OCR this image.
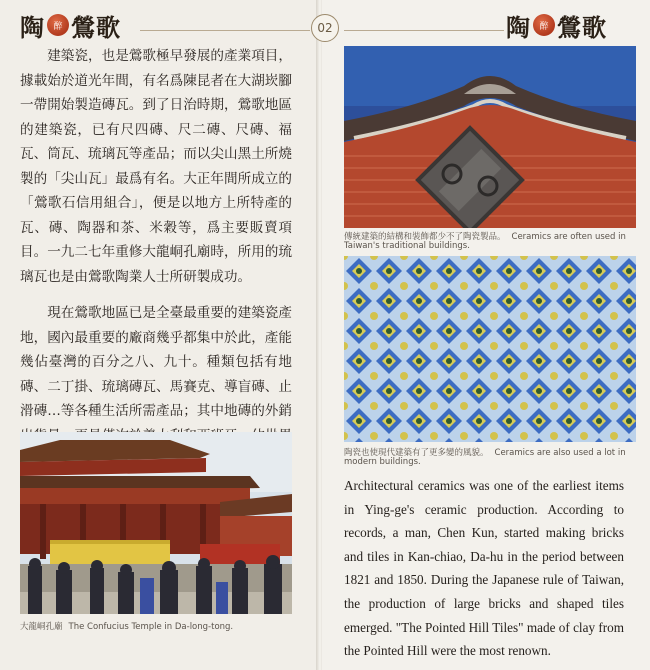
陶 醉 鶯歌

建築瓷，也是鶯歌極早發展的產業項目，據載始於道光年間，有名爲陳昆者在大湖崁腳一帶開始製造磚瓦。到了日治時期，鶯歌地區的建築瓷，已有尺四磚、尺二磚、尺磚、福瓦、筒瓦、琉璃瓦等產品；而以尖山黑土所燒製的「尖山瓦」最爲有名。大正年間所成立的「鶯歌石信用組合」，便是以地方上所特產的瓦、磚、陶器和茶、米穀等，爲主要販賣項目。一九二七年重修大龍峒孔廟時，所用的琉璃瓦也是由鶯歌陶業人士所研製成功。

現在鶯歌地區已是全臺最重要的建築瓷產地，國內最重要的廠商幾乎都集中於此，產能幾佔臺灣的百分之八、九十。種類包括有地磚、二丁掛、琉璃磚瓦、馬賽克、導盲磚、止滑磚…等各種生活所需產品；其中地磚的外銷

大龍峒孔廟 The Confucius Temple in Da-long-tong.
02	陶 醉 鶯歌
傳統建築的結構和裝飾都少不了陶瓷製品。 Ceramics are often used in
Taiwan's traditional buildings.
陶瓷也使現代建築有了更多變的風貌。 Ceramics are also used a lot in
modern buildings.
Architectural ceramics was one of the earliest items in Ying-ge's ceramic production. According to records, a man, Chen Kun, started making bricks and tiles in Kan-chiao, Da-hu in the period between 1821 and 1850. During the Japanese rule of Taiwan, the production of large bricks and shaped tiles emerged. "The Pointed Hill Tiles" made of clay from the Pointed Hill were the most renown.
